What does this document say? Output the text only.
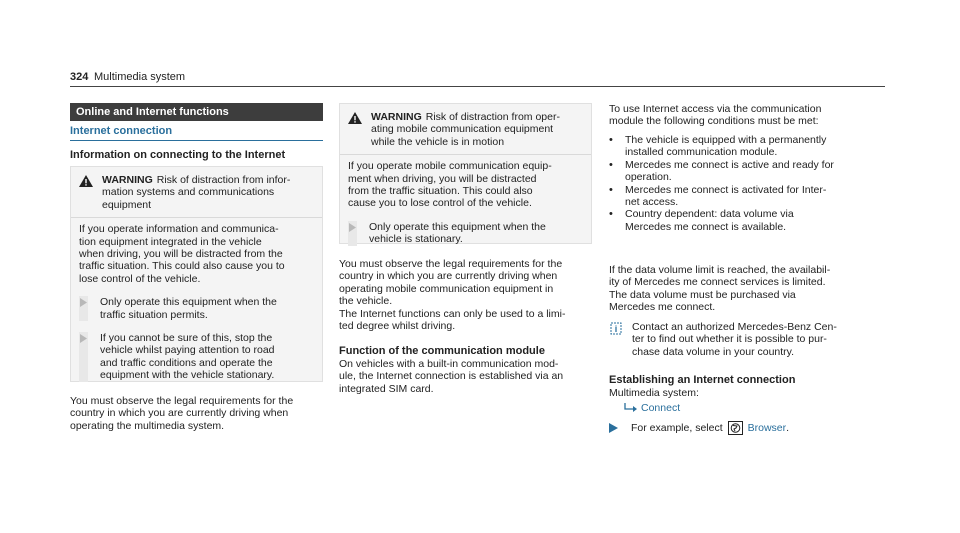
324 Multimedia system
Online and Internet functions
Internet connection
Information on connecting to the Internet
WARNING Risk of distraction from infor-
mation systems and communications
equipment
If you operate information and communica-
tion equipment integrated in the vehicle
when driving, you will be distracted from the
traffic situation. This could also cause you to
lose control of the vehicle.
Only operate this equipment when the
traffic situation permits.
If you cannot be sure of this, stop the
vehicle whilst paying attention to road
and traffic conditions and operate the
equipment with the vehicle stationary.
You must observe the legal requirements for the
country in which you are currently driving when
operating the multimedia system.
WARNING Risk of distraction from oper-
ating mobile communication equipment
while the vehicle is in motion
If you operate mobile communication equip-
ment when driving, you will be distracted
from the traffic situation. This could also
cause you to lose control of the vehicle.
Only operate this equipment when the
vehicle is stationary.
You must observe the legal requirements for the
country in which you are currently driving when
operating mobile communication equipment in
the vehicle.
The Internet functions can only be used to a limi-
ted degree whilst driving.
Function of the communication module
On vehicles with a built-in communication mod-
ule, the Internet connection is established via an
integrated SIM card.
To use Internet access via the communication
module the following conditions must be met:
•	The vehicle is equipped with a permanently
installed communication module.
•	Mercedes me connect is active and ready for
operation.
•	Mercedes me connect is activated for Inter-
net access.
•	Country dependent: data volume via
Mercedes me connect is available.
If the data volume limit is reached, the availabil-
ity of Mercedes me connect services is limited.
The data volume must be purchased via
Mercedes me connect.
i Contact an authorized Mercedes-Benz Cen-
ter to find out whether it is possible to pur-
chase data volume in your country.
Establishing an Internet connection
Multimedia system:
Connect
For example, select Browser .
